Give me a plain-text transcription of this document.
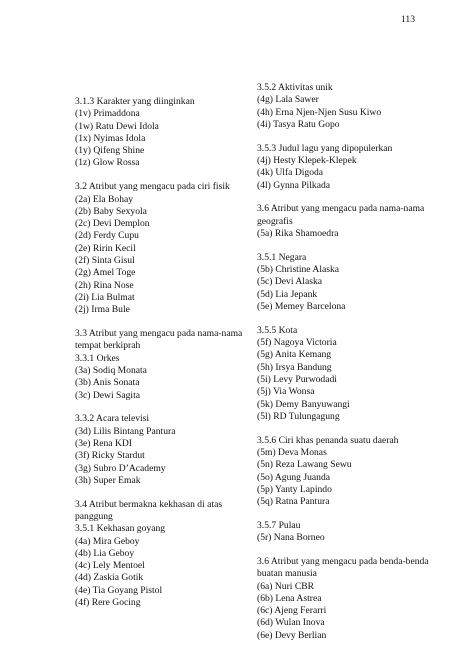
113
3.1.3 Karakter yang diinginkan
(1v) Primaddona
(1w) Ratu Dewi Idola
(1x) Nyimas Idola
(1y) Qifeng Shine
(1z) Glow Rossa
3.2 Atribut yang mengacu pada ciri fisik
(2a) Ela Bohay
(2b) Baby Sexyola
(2c) Devi Demplon
(2d) Ferdy Cupu
(2e) Ririn Kecil
(2f) Sinta Gisul
(2g) Amel Toge
(2h) Rina Nose
(2i) Lia Bulmat
(2j) Irma Bule
3.3 Atribut yang mengacu pada nama-nama tempat berkiprah
3.3.1 Orkes
(3a) Sodiq Monata
(3b) Anis Sonata
(3c) Dewi Sagita
3.3.2 Acara televisi
(3d) Lilis Bintang Pantura
(3e) Rena KDI
(3f) Ricky Stardut
(3g) Subro D’Academy
(3h) Super Emak
3.4 Atribut bermakna kekhasan di atas panggung
3.5.1 Kekhasan goyang
(4a) Mira Geboy
(4b) Lia Geboy
(4c) Lely Mentoel
(4d) Zaskia Gotik
(4e) Tia Goyang Pistol
(4f) Rere Gocing
3.5.2 Aktivitas unik
(4g) Lala Sawer
(4h) Erna Njen-Njen Susu Kiwo
(4i) Tasya Ratu Gopo
3.5.3 Judul lagu yang dipopulerkan
(4j) Hesty Klepek-Klepek
(4k) Ulfa Digoda
(4l) Gynna Pilkada
3.6 Atribut yang mengacu pada nama-nama geografis
(5a) Rika Shamoedra
3.5.1 Negara
(5b) Christine Alaska
(5c) Devi Alaska
(5d) Lia Jepank
(5e) Memey Barcelona
3.5.5 Kota
(5f) Nagoya Victoria
(5g) Anita Kemang
(5h) Irsya Bandung
(5i) Levy Purwodadi
(5j) Via Wonsa
(5k) Demy Banyuwangi
(5l) RD Tulungagung
3.5.6 Ciri khas penanda suatu daerah
(5m) Deva Monas
(5n) Reza Lawang Sewu
(5o) Agung Juanda
(5p) Yanty Lapindo
(5q) Ratna Pantura
3.5.7 Pulau
(5r) Nana Borneo
3.6 Atribut yang mengacu pada benda-benda buatan manusia
(6a) Nuri CBR
(6b) Lena Astrea
(6c) Ajeng Ferarri
(6d) Wulan Inova
(6e) Devy Berlian
